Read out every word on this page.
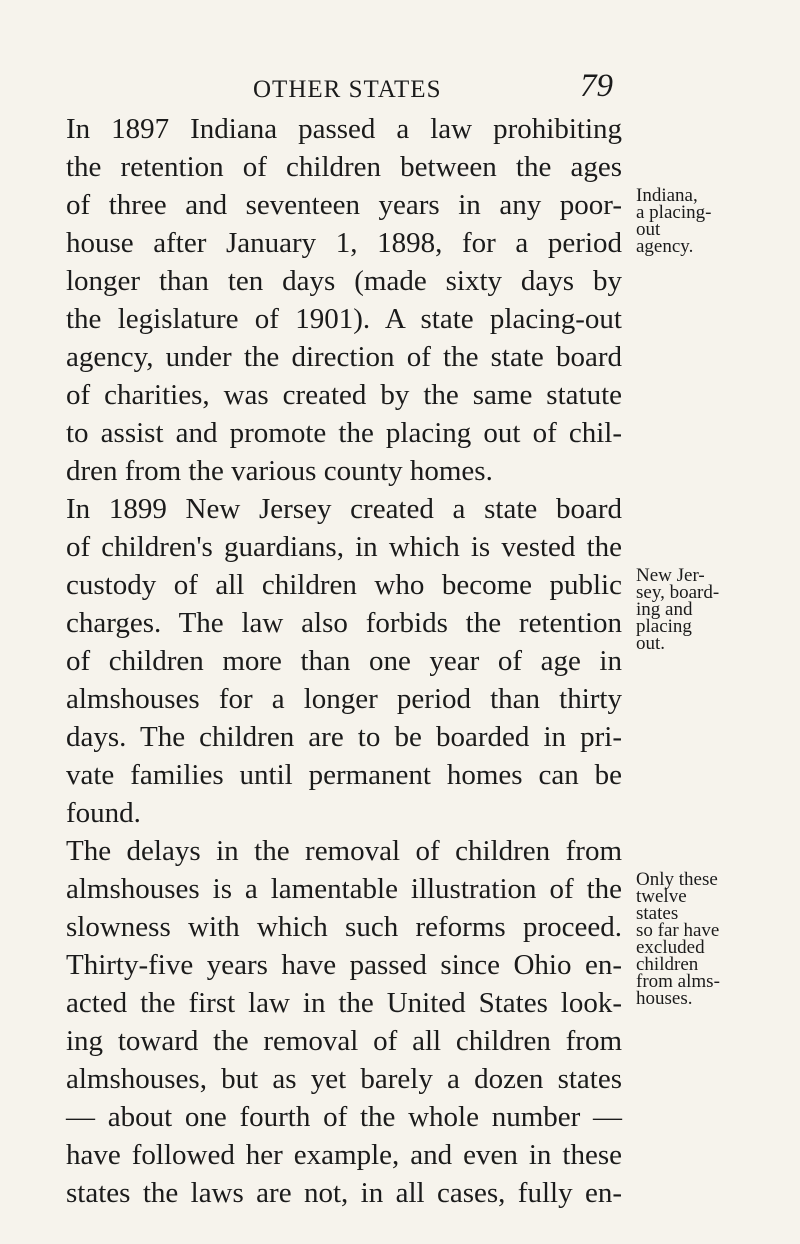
OTHER STATES	79
In 1897 Indiana passed a law prohibiting
the retention of children between the ages
of three and seventeen years in any poor-
house after January 1, 1898, for a period
longer than ten days (made sixty days by
the legislature of 1901). A state placing-out
agency, under the direction of the state board
of charities, was created by the same statute
to assist and promote the placing out of chil-
dren from the various county homes.
In 1899 New Jersey created a state board
of children's guardians, in which is vested the
custody of all children who become public
charges. The law also forbids the retention
of children more than one year of age in
almshouses for a longer period than thirty
days. The children are to be boarded in pri-
vate families until permanent homes can be
found.
The delays in the removal of children from
almshouses is a lamentable illustration of the
slowness with which such reforms proceed.
Thirty-five years have passed since Ohio en-
acted the first law in the United States look-
ing toward the removal of all children from
almshouses, but as yet barely a dozen states
— about one fourth of the whole number —
have followed her example, and even in these
states the laws are not, in all cases, fully en-
Indiana,
a placing-
out
agency.
New Jer-
sey, board-
ing and
placing
out.
Only these
twelve
states
so far have
excluded
children
from alms-
houses.
